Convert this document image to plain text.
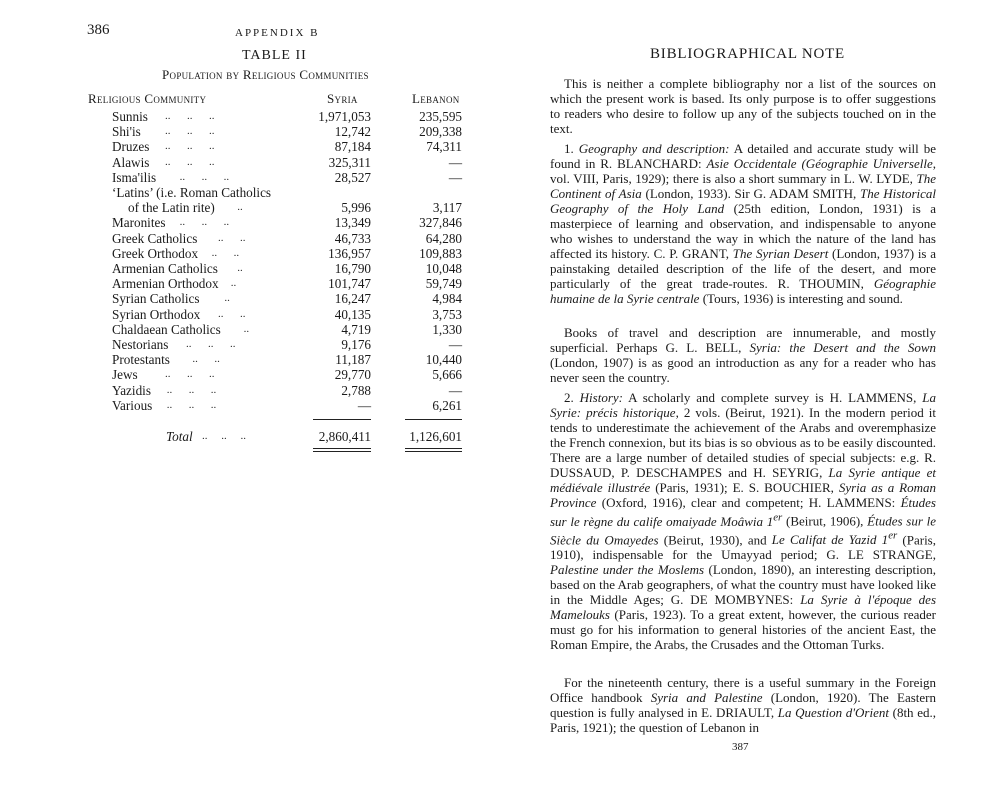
386	APPENDIX B
TABLE II
Population by Religious Communities
Religious Community	Syria	Lebanon
Sunnis ..      ..      ..	1,971,053	235,595
Shi'is ..      ..      ..	12,742	209,338
Druzes ..      ..      ..	87,184	74,311
Alawis ..      ..      ..	325,311	—
Isma'ilis ..      ..      ..	28,527	—
‘Latins’ (i.e. Roman Catholics
of the Latin rite) ..	5,996	3,117
Maronites ..      ..      ..	13,349	327,846
Greek Catholics ..      ..	46,733	64,280
Greek Orthodox ..      ..	136,957	109,883
Armenian Catholics ..	16,790	10,048
Armenian Orthodox ..	101,747	59,749
Syrian Catholics ..	16,247	4,984
Syrian Orthodox ..      ..	40,135	3,753
Chaldaean Catholics ..	4,719	1,330
Nestorians ..      ..      ..	9,176	—
Protestants ..      ..	11,187	10,440
Jews ..      ..      ..	29,770	5,666
Yazidis ..      ..      ..	2,788	—
Various ..      ..      ..	—	6,261
Total ..     ..     ..	2,860,411	1,126,601
BIBLIOGRAPHICAL NOTE
This is neither a complete bibliography nor a list of the sources on which the present work is based. Its only purpose is to offer suggestions to readers who desire to follow up any of the subjects touched on in the text.
1. Geography and description: A detailed and accurate study will be found in R. BLANCHARD: Asie Occidentale (Géographie Universelle, vol. VIII, Paris, 1929); there is also a short summary in L. W. LYDE, The Continent of Asia (London, 1933). Sir G. ADAM SMITH, The Historical Geography of the Holy Land (25th edition, London, 1931) is a masterpiece of learning and observation, and indispensable to anyone who wishes to understand the way in which the nature of the land has affected its history. C. P. GRANT, The Syrian Desert (London, 1937) is a painstaking detailed description of the life of the desert, and more particularly of the great trade-routes. R. THOUMIN, Géographie humaine de la Syrie centrale (Tours, 1936) is interesting and sound.
Books of travel and description are innumerable, and mostly superficial. Perhaps G. L. BELL, Syria: the Desert and the Sown (London, 1907) is as good an introduction as any for a reader who has never seen the country.
2. History: A scholarly and complete survey is H. LAMMENS, La Syrie: précis historique, 2 vols. (Beirut, 1921). In the modern period it tends to underestimate the achievement of the Arabs and overemphasize the French connexion, but its bias is so obvious as to be easily discounted. There are a large number of detailed studies of special subjects: e.g. R. DUSSAUD, P. DESCHAMPES and H. SEYRIG, La Syrie antique et médiévale illustrée (Paris, 1931); E. S. BOUCHIER, Syria as a Roman Province (Oxford, 1916), clear and competent; H. LAMMENS: Études sur le règne du calife omaiyade Moâwia 1er (Beirut, 1906), Études sur le Siècle du Omayedes (Beirut, 1930), and Le Califat de Yazid 1er (Paris, 1910), indispensable for the Umayyad period; G. LE STRANGE, Palestine under the Moslems (London, 1890), an interesting description, based on the Arab geographers, of what the country must have looked like in the Middle Ages; G. DE MOMBYNES: La Syrie à l'époque des Mamelouks (Paris, 1923). To a great extent, however, the curious reader must go for his information to general histories of the ancient East, the Roman Empire, the Arabs, the Crusades and the Ottoman Turks.
For the nineteenth century, there is a useful summary in the Foreign Office handbook Syria and Palestine (London, 1920). The Eastern question is fully analysed in E. DRIAULT, La Question d'Orient (8th ed., Paris, 1921); the question of Lebanon in
387
